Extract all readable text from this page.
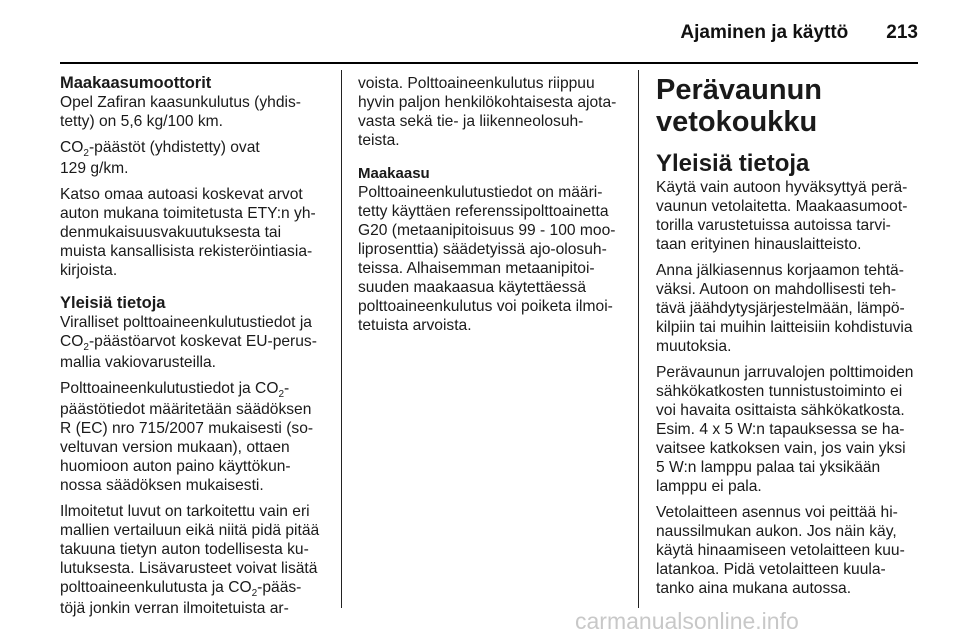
Ajaminen ja käyttö 213
Maakaasumoottorit
Opel Zafiran kaasunkulutus (yhdis-
tetty) on 5,6 kg/100 km.
$CO_2$-päästöt (yhdistetty) ovat
129 g/km.
Katso omaa autoasi koskevat arvot
auton mukana toimitetusta ETY:n yh-
denmukaisuusvakuutuksesta tai
muista kansallisista rekisteröintiasia-
kirjoista.
Yleisiä tietoja
Viralliset polttoaineenkulutustiedot ja
$CO_2$-päästöarvot koskevat EU-perus-
mallia vakiovarusteilla.
Polttoaineenkulutustiedot ja $CO_2-$
päästötiedot määritetään säädöksen
R (EC) nro 715/2007 mukaisesti (so-
veltuvan version mukaan), ottaen
huomioon auton paino käyttökun-
nossa säädöksen mukaisesti.
Ilmoitetut luvut on tarkoitettu vain eri
mallien vertailuun eikä niitä pidä pitää
takuuna tietyn auton todellisesta ku-
lutuksesta. Lisävarusteet voivat lisätä
polttoaineenkulutusta ja $CO_2-pääs-$
töjä jonkin verran ilmoitetuista ar-
voista. Polttoaineenkulutus riippuu
hyvin paljon henkilökohtaisesta ajota-
vasta sekä tie- ja liikenneolosuh-
teista.
Maakaasu
Polttoaineenkulutustiedot on määri-
tetty käyttäen referenssipolttoainetta
G20 (metaanipitoisuus 99 - 100 moo-
liprosenttia) säädetyissä ajo-olosuh-
teissa. Alhaisemman metaanipitoi-
suuden maakaasua käytettäessä
polttoaineenkulutus voi poiketa ilmoi-
tetuista arvoista.
Perävaunun
vetokoukku
Yleisiä tietoja
Käytä vain autoon hyväksyttyä perä-
vaunun vetolaitetta. Maakaasumoot-
torilla varustetuissa autoissa tarvi-
taan erityinen hinauslaitteisto.
Anna jälkiasennus korjaamon tehtä-
väksi. Autoon on mahdollisesti teh-
tävä jäähdytysjärjestelmään, lämpö-
kilpiin tai muihin laitteisiin kohdistuvia
muutoksia.
Perävaunun jarruvalojen polttimoiden
sähkökatkosten tunnistustoiminto ei
voi havaita osittaista sähkökatkosta.
Esim. 4 x 5 W:n tapauksessa se ha-
vaitsee katkoksen vain, jos vain yksi
5 W:n lamppu palaa tai yksikään
lamppu ei pala.
Vetolaitteen asennus voi peittää hi-
naussilmukan aukon. Jos näin käy,
käytä hinaamiseen vetolaitteen kuu-
latankoa. Pidä vetolaitteen kuula-
tanko aina mukana autossa.
carmanualsonline.info
